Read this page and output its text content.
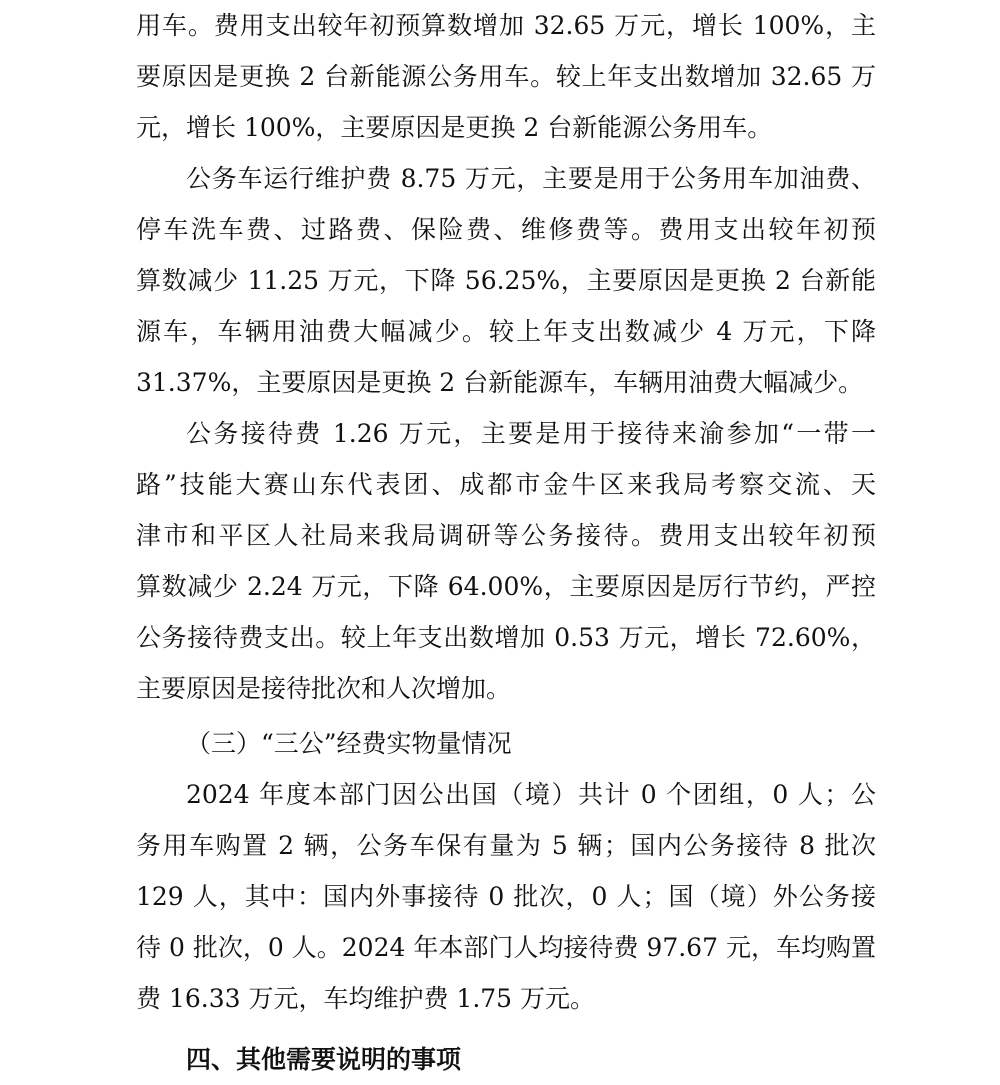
用车。费用支出较年初预算数增加 32.65 万元，增长 100%，主
要原因是更换 2 台新能源公务用车。较上年支出数增加 32.65 万
元，增长 100%，主要原因是更换 2 台新能源公务用车。
公务车运行维护费 8.75 万元，主要是用于公务用车加油费、
停车洗车费、过路费、保险费、维修费等。费用支出较年初预
算数减少 11.25 万元，下降 56.25%，主要原因是更换 2 台新能
源车，车辆用油费大幅减少。较上年支出数减少 4 万元，下降
31.37%，主要原因是更换 2 台新能源车，车辆用油费大幅减少。
公务接待费 1.26 万元，主要是用于接待来渝参加“一带一
路”技能大赛山东代表团、成都市金牛区来我局考察交流、天
津市和平区人社局来我局调研等公务接待。费用支出较年初预
算数减少 2.24 万元，下降 64.00%，主要原因是厉行节约，严控
公务接待费支出。较上年支出数增加 0.53 万元，增长 72.60%，
主要原因是接待批次和人次增加。
（三）“三公”经费实物量情况
2024 年度本部门因公出国（境）共计 0 个团组，0 人；公
务用车购置 2 辆，公务车保有量为 5 辆；国内公务接待 8 批次
129 人，其中：国内外事接待 0 批次，0 人；国（境）外公务接
待 0 批次，0 人。2024 年本部门人均接待费 97.67 元，车均购置
费 16.33 万元，车均维护费 1.75 万元。
四、其他需要说明的事项
